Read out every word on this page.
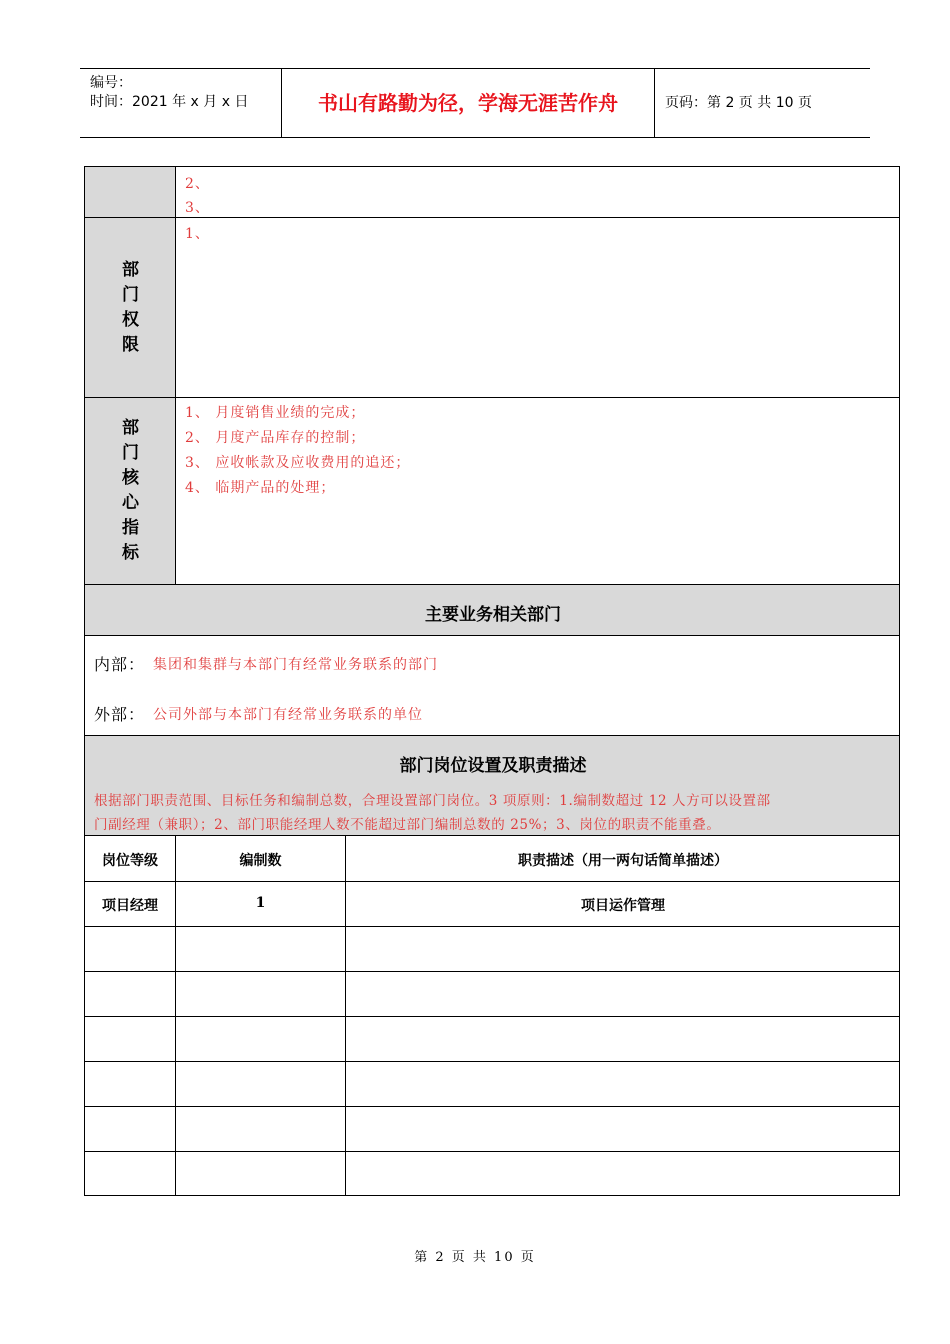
编号：
时间：2021 年 x 月 x 日	书山有路勤为径，学海无涯苦作舟	页码：第 2 页 共 10 页
2、
3、
部
门
权
限
1、
部
门
核
心
指
标
1、 月度销售业绩的完成；
2、 月度产品库存的控制；
3、 应收帐款及应收费用的追还；
4、 临期产品的处理；
主要业务相关部门
内部： 集团和集群与本部门有经常业务联系的部门
外部： 公司外部与本部门有经常业务联系的单位
部门岗位设置及职责描述
根据部门职责范围、目标任务和编制总数，合理设置部门岗位。3 项原则：1.编制数超过 12 人方可以设置部
门副经理（兼职）；2、部门职能经理人数不能超过部门编制总数的 25%；3、岗位的职责不能重叠。
岗位等级	编制数	职责描述（用一两句话简单描述）
项目经理	1	项目运作管理
第 2 页 共 10 页
